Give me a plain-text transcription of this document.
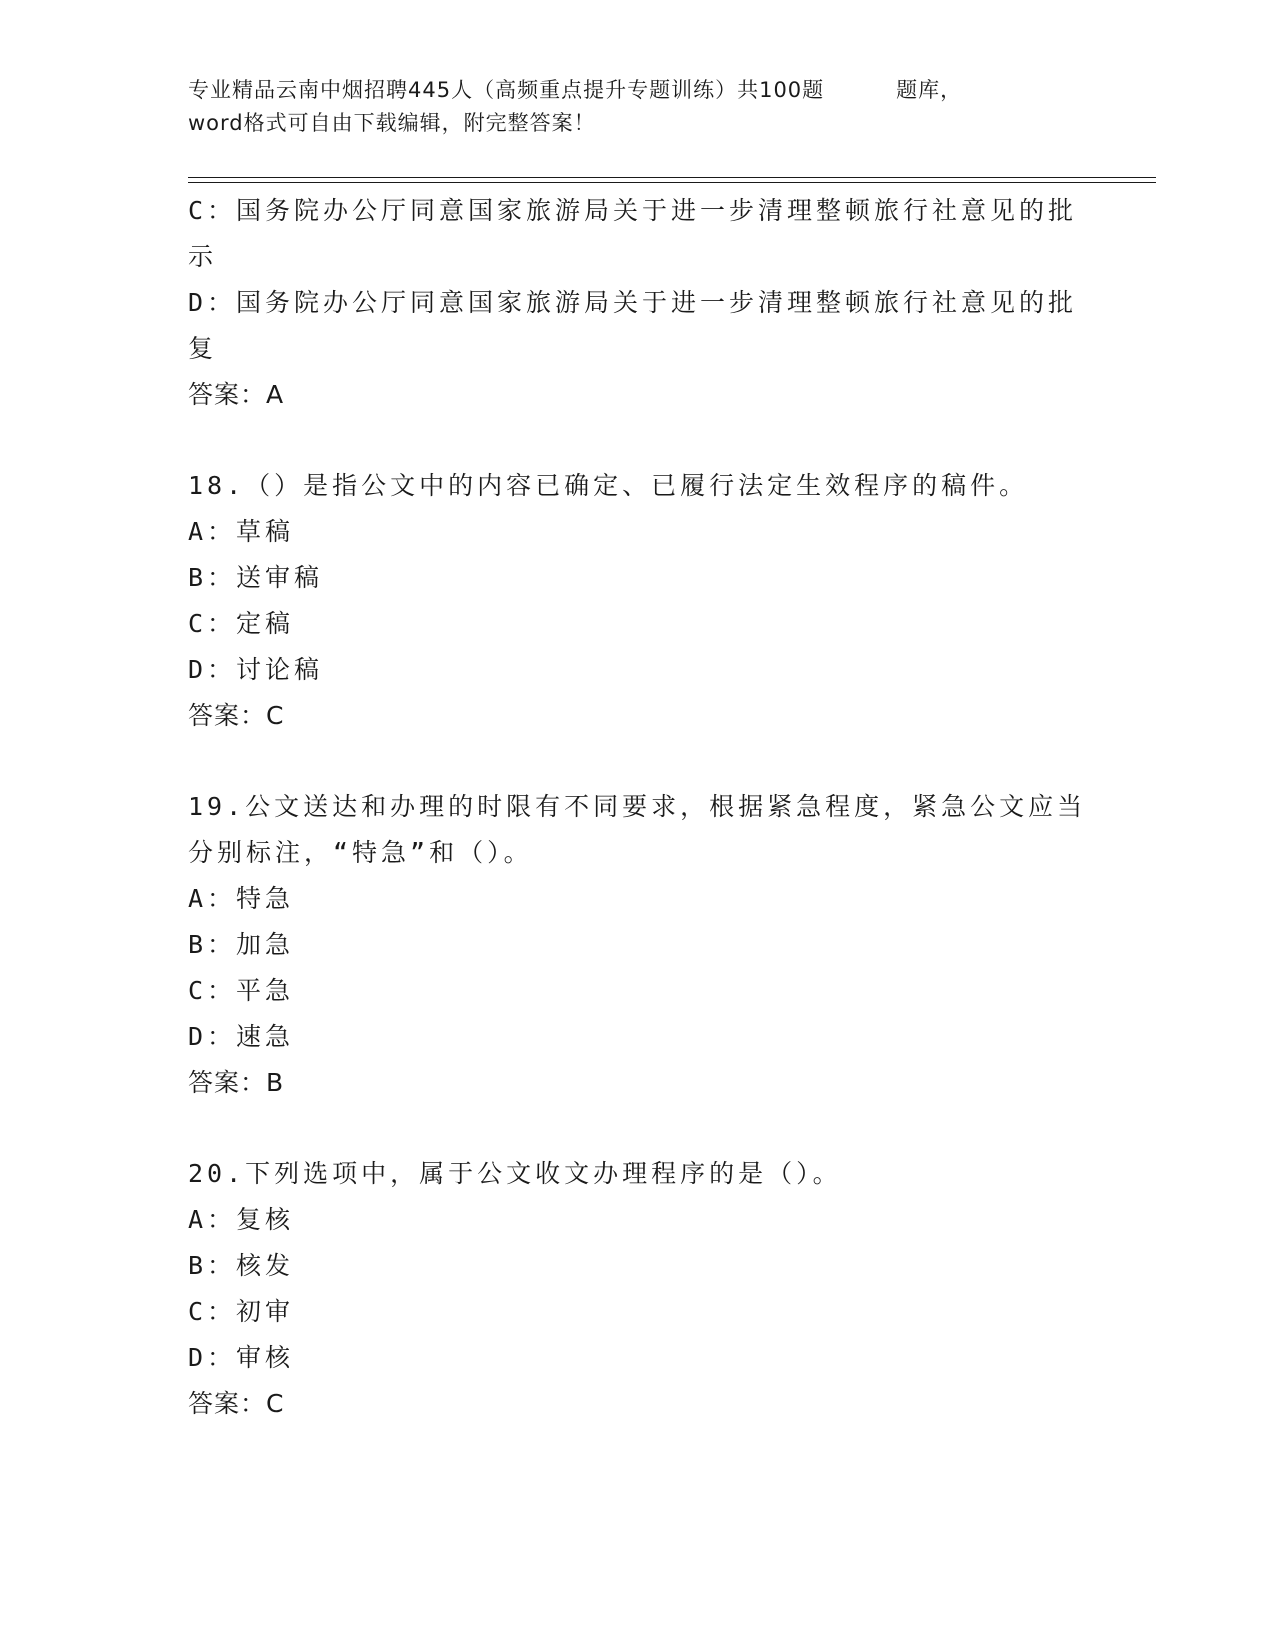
专业精品云南中烟招聘445人（高频重点提升专题训练）共100题	题库，
word格式可自由下载编辑，附完整答案！
C：国务院办公厅同意国家旅游局关于进一步清理整顿旅行社意见的批
示
D：国务院办公厅同意国家旅游局关于进一步清理整顿旅行社意见的批
复
答案：A
18.（）是指公文中的内容已确定、已履行法定生效程序的稿件。
A：草稿
B：送审稿
C：定稿
D：讨论稿
答案：C
19.公文送达和办理的时限有不同要求，根据紧急程度，紧急公文应当
分别标注，“特急”和（）。
A：特急
B：加急
C：平急
D：速急
答案：B
20.下列选项中，属于公文收文办理程序的是（）。
A：复核
B：核发
C：初审
D：审核
答案：C
